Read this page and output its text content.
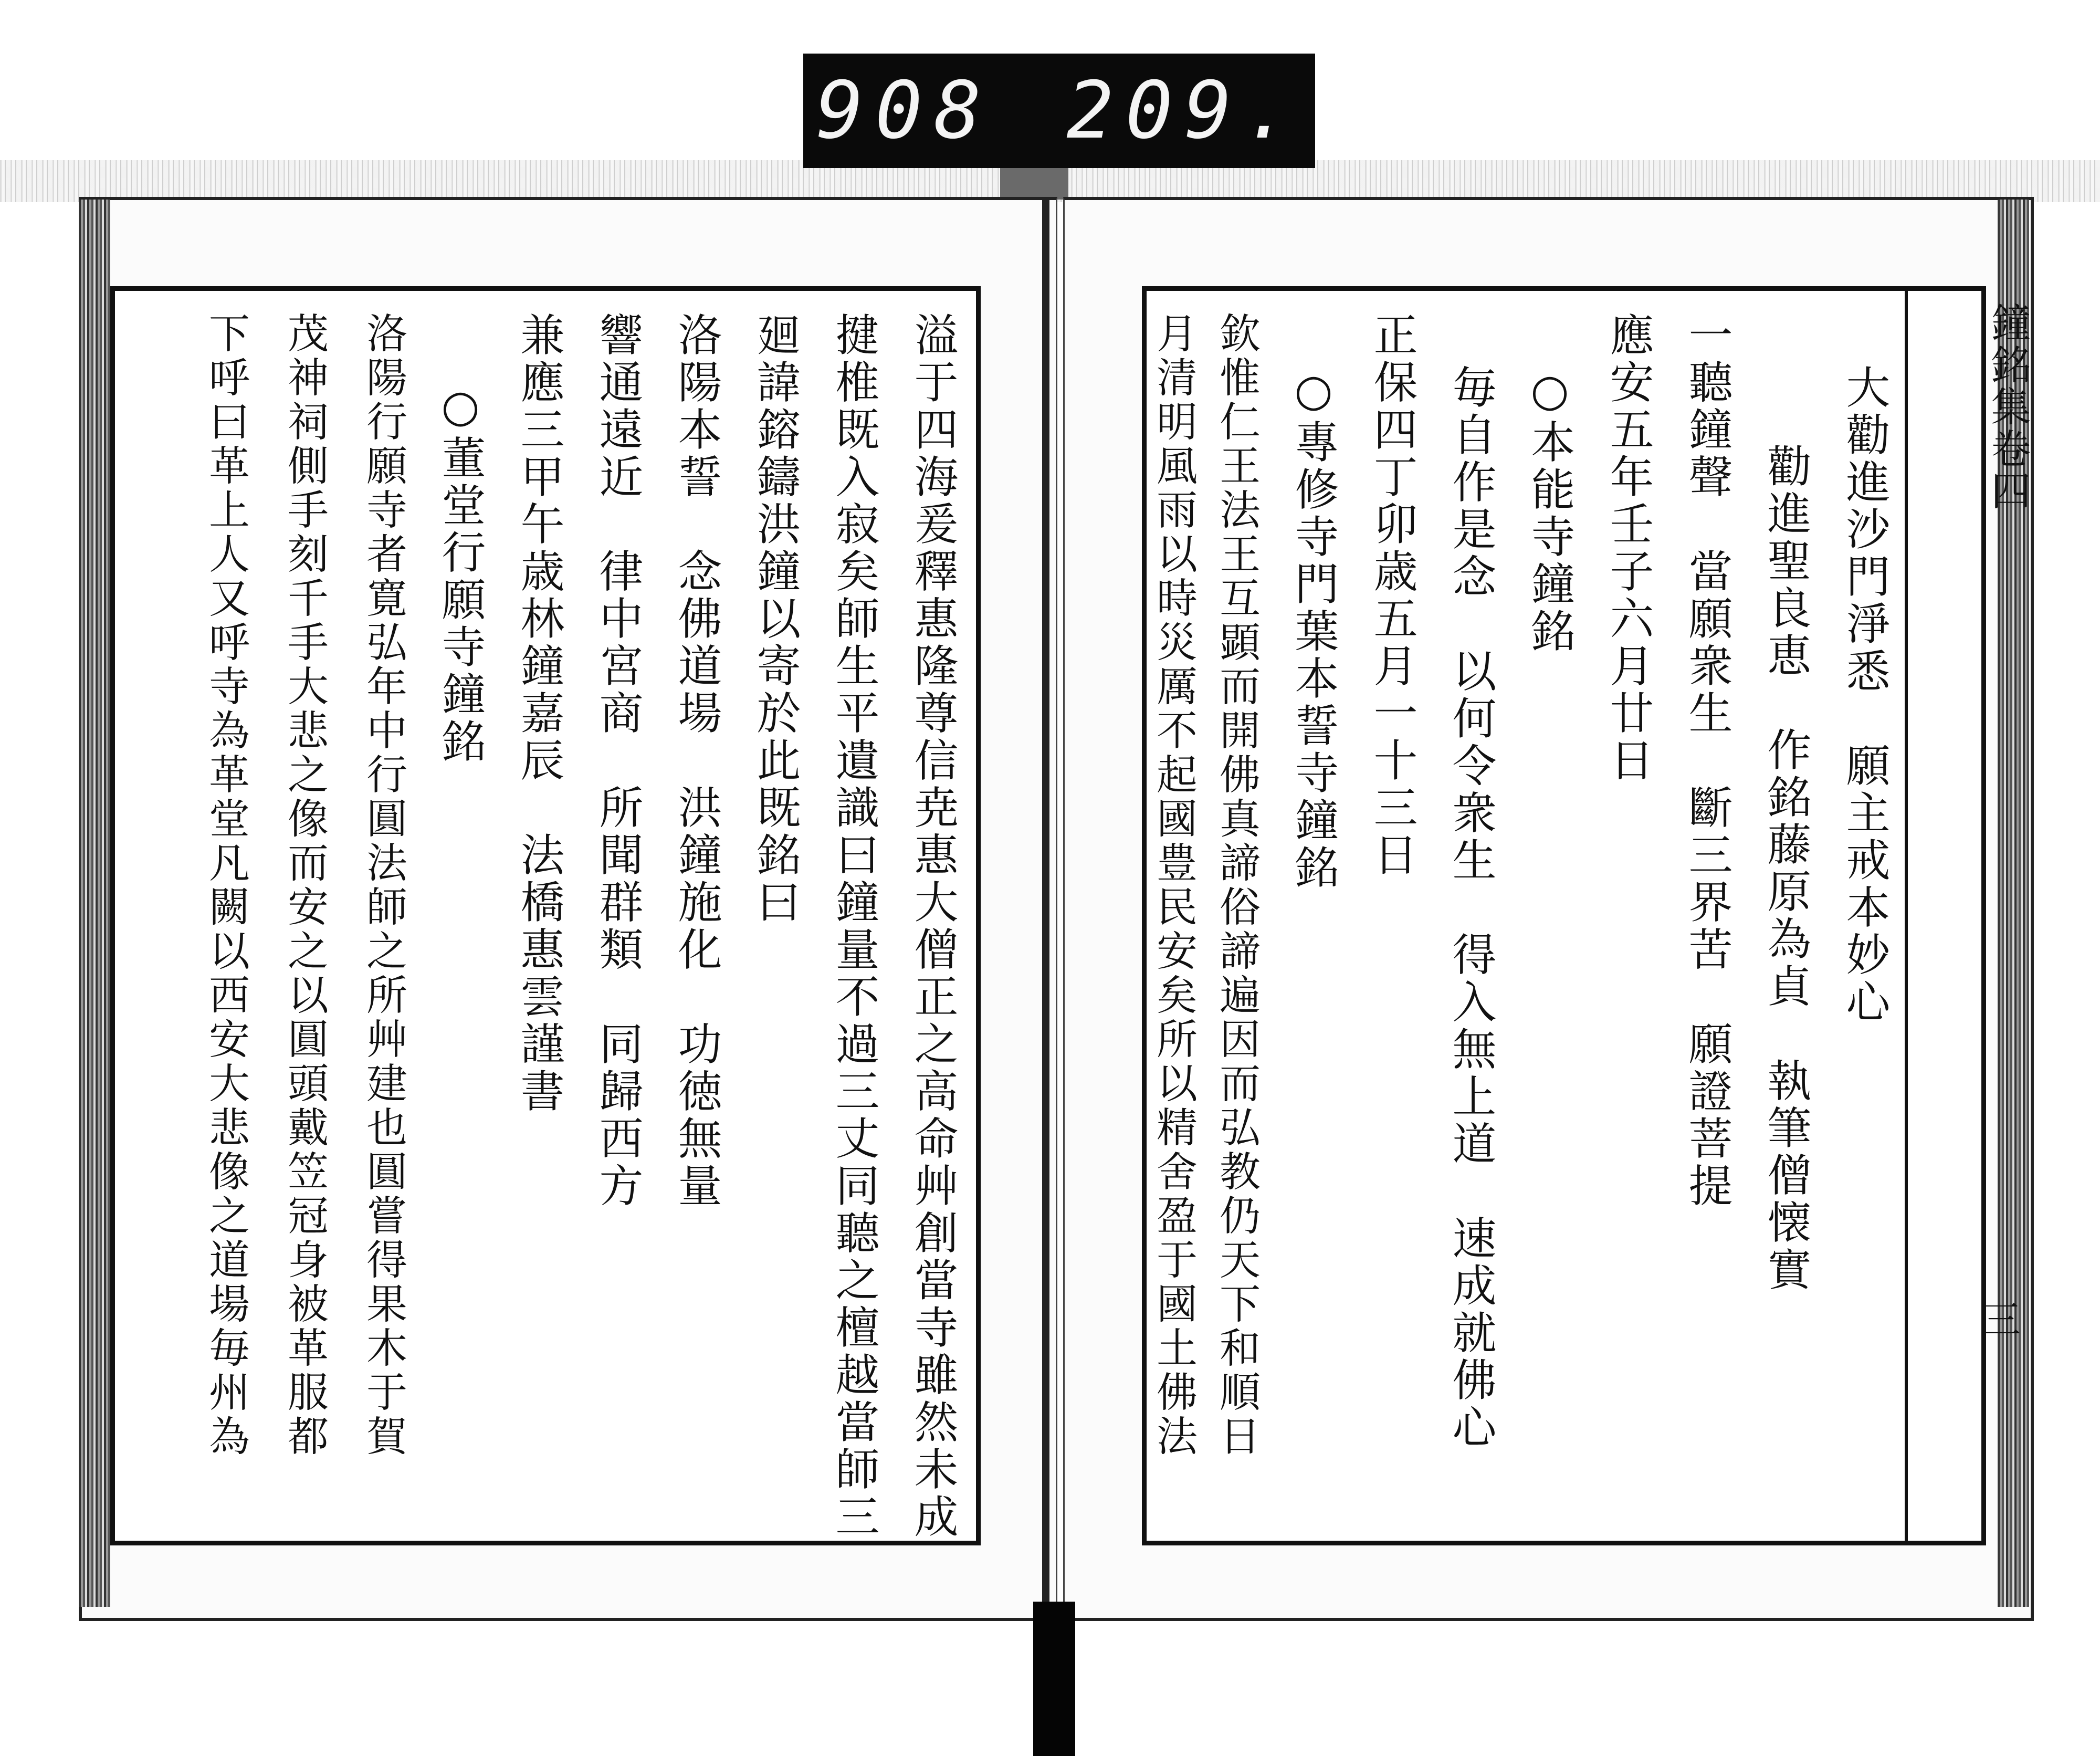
908 209.
溢于四海爰釋惠隆尊信尭惠大僧正之高命艸創當寺雖然未成
揵椎既入寂矣師生平遺識曰鐘量不過三丈同聽之檀越當師三
廻諱鎔鑄洪鐘以寄於此既銘曰
洛陽本誓　念佛道場　洪鐘施化　功徳無量
響通遠近　律中宮商　所聞群類　同歸西方
兼應三甲午歳林鐘嘉辰　法橋惠雲謹書
○董堂行願寺鐘銘
洛陽行願寺者寛弘年中行圓法師之所艸建也圓嘗得果木于賀
茂神祠側手刻千手大悲之像而安之以圓頭戴笠冠身被革服都
下呼曰革上人又呼寺為革堂凡闕以西安大悲像之道場毎州為	大勸進沙門淨悉　願主戒本妙心
勸進聖良恵　作銘藤原為貞　執筆僧懐實
一聽鐘聲　當願衆生　斷三界苦　願證菩提
應安五年壬子六月廿日
○本能寺鐘銘
毎自作是念　以何令衆生　得入無上道　速成就佛心
正保四丁卯歳五月一十三日
○專修寺門葉本誓寺鐘銘
欽惟仁王法王互顕而開佛真諦俗諦遍因而弘教仍天下和順日
月清明風雨以時災厲不起國豊民安矣所以精舍盈于國土佛法	鐘銘集卷四
三
